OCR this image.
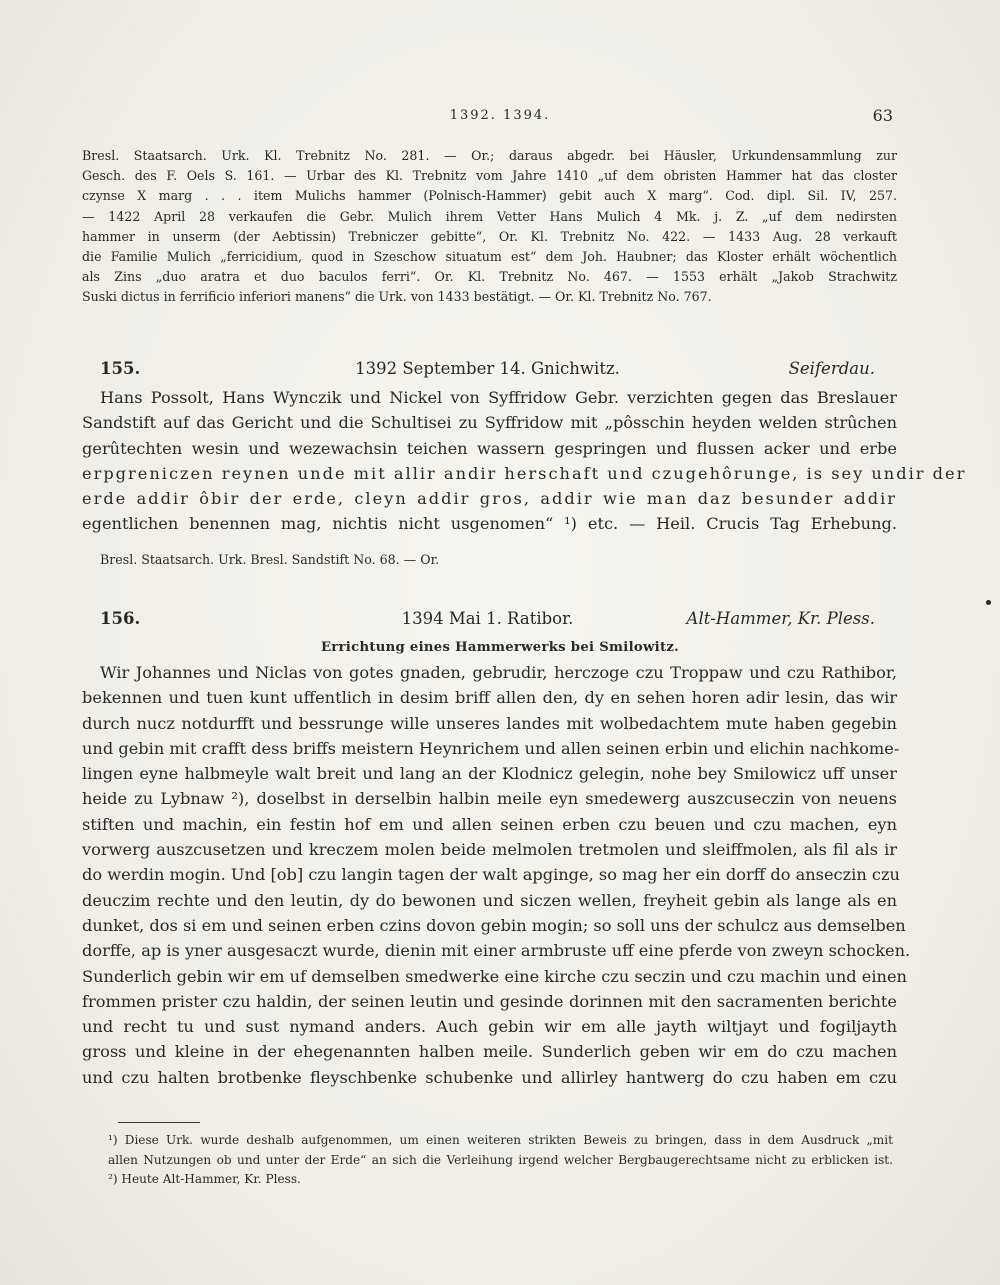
1392. 1394.	63
Bresl. Staatsarch. Urk. Kl. Trebnitz No. 281. — Or.; daraus abgedr. bei Häusler, Urkundensammlung zur
Gesch. des F. Oels S. 161. — Urbar des Kl. Trebnitz vom Jahre 1410 „uf dem obristen Hammer hat das closter
czynse X marg . . . item Mulichs hammer (Polnisch-Hammer) gebit auch X marg“. Cod. dipl. Sil. IV, 257.
— 1422 April 28 verkaufen die Gebr. Mulich ihrem Vetter Hans Mulich 4 Mk. j. Z. „uf dem nedirsten
hammer in unserm (der Aebtissin) Trebniczer gebitte“, Or. Kl. Trebnitz No. 422. — 1433 Aug. 28 verkauft
die Familie Mulich „ferricidium, quod in Szeschow situatum est“ dem Joh. Haubner; das Kloster erhält wöchentlich
als Zins „duo aratra et duo baculos ferri“. Or. Kl. Trebnitz No. 467. — 1553 erhält „Jakob Strachwitz
Suski dictus in ferrificio inferiori manens“ die Urk. von 1433 bestätigt. — Or. Kl. Trebnitz No. 767.
155.	1392 September 14. Gnichwitz.	Seiferdau.
Hans Possolt, Hans Wynczik und Nickel von Syffridow Gebr. verzichten gegen das Breslauer
Sandstift auf das Gericht und die Schultisei zu Syffridow mit „pôsschin heyden welden strûchen
gerûtechten wesin und wezewachsin teichen wassern gespringen und flussen acker und erbe
erpgreniczen reynen unde mit allir andir herschaft und czugehôrunge, is sey undir der
erde addir ôbir der erde, cleyn addir gros, addir wie man daz besunder addir
egentlichen benennen mag, nichtis nicht usgenomen“ ¹) etc. — Heil. Crucis Tag Erhebung.
Bresl. Staatsarch. Urk. Bresl. Sandstift No. 68. — Or.
156.	1394 Mai 1. Ratibor.	Alt-Hammer, Kr. Pless.
Errichtung eines Hammerwerks bei Smilowitz.
Wir Johannes und Niclas von gotes gnaden, gebrudir, herczoge czu Troppaw und czu Rathibor,
bekennen und tuen kunt uffentlich in desim briff allen den, dy en sehen horen adir lesin, das wir
durch nucz notdurfft und bessrunge wille unseres landes mit wolbedachtem mute haben gegebin
und gebin mit crafft dess briffs meistern Heynrichem und allen seinen erbin und elichin nachkome-
lingen eyne halbmeyle walt breit und lang an der Klodnicz gelegin, nohe bey Smilowicz uff unser
heide zu Lybnaw ²), doselbst in derselbin halbin meile eyn smedewerg auszcuseczin von neuens
stiften und machin, ein festin hof em und allen seinen erben czu beuen und czu machen, eyn
vorwerg auszcusetzen und kreczem molen beide melmolen tretmolen und sleiffmolen, als fil als ir
do werdin mogin. Und [ob] czu langin tagen der walt apginge, so mag her ein dorff do anseczin czu
deuczim rechte und den leutin, dy do bewonen und siczen wellen, freyheit gebin als lange als en
dunket, dos si em und seinen erben czins dovon gebin mogin; so soll uns der schulcz aus demselben
dorffe, ap is yner ausgesaczt wurde, dienin mit einer armbruste uff eine pferde von zweyn schocken.
Sunderlich gebin wir em uf demselben smedwerke eine kirche czu seczin und czu machin und einen
frommen prister czu haldin, der seinen leutin und gesinde dorinnen mit den sacramenten berichte
und recht tu und sust nymand anders. Auch gebin wir em alle jayth wiltjayt und fogiljayth
gross und kleine in der ehegenannten halben meile. Sunderlich geben wir em do czu machen
und czu halten brotbenke fleyschbenke schubenke und allirley hantwerg do czu haben em czu
¹) Diese Urk. wurde deshalb aufgenommen, um einen weiteren strikten Beweis zu bringen, dass in dem Ausdruck „mit
allen Nutzungen ob und unter der Erde“ an sich die Verleihung irgend welcher Bergbaugerechtsame nicht zu erblicken ist.
²) Heute Alt-Hammer, Kr. Pless.
